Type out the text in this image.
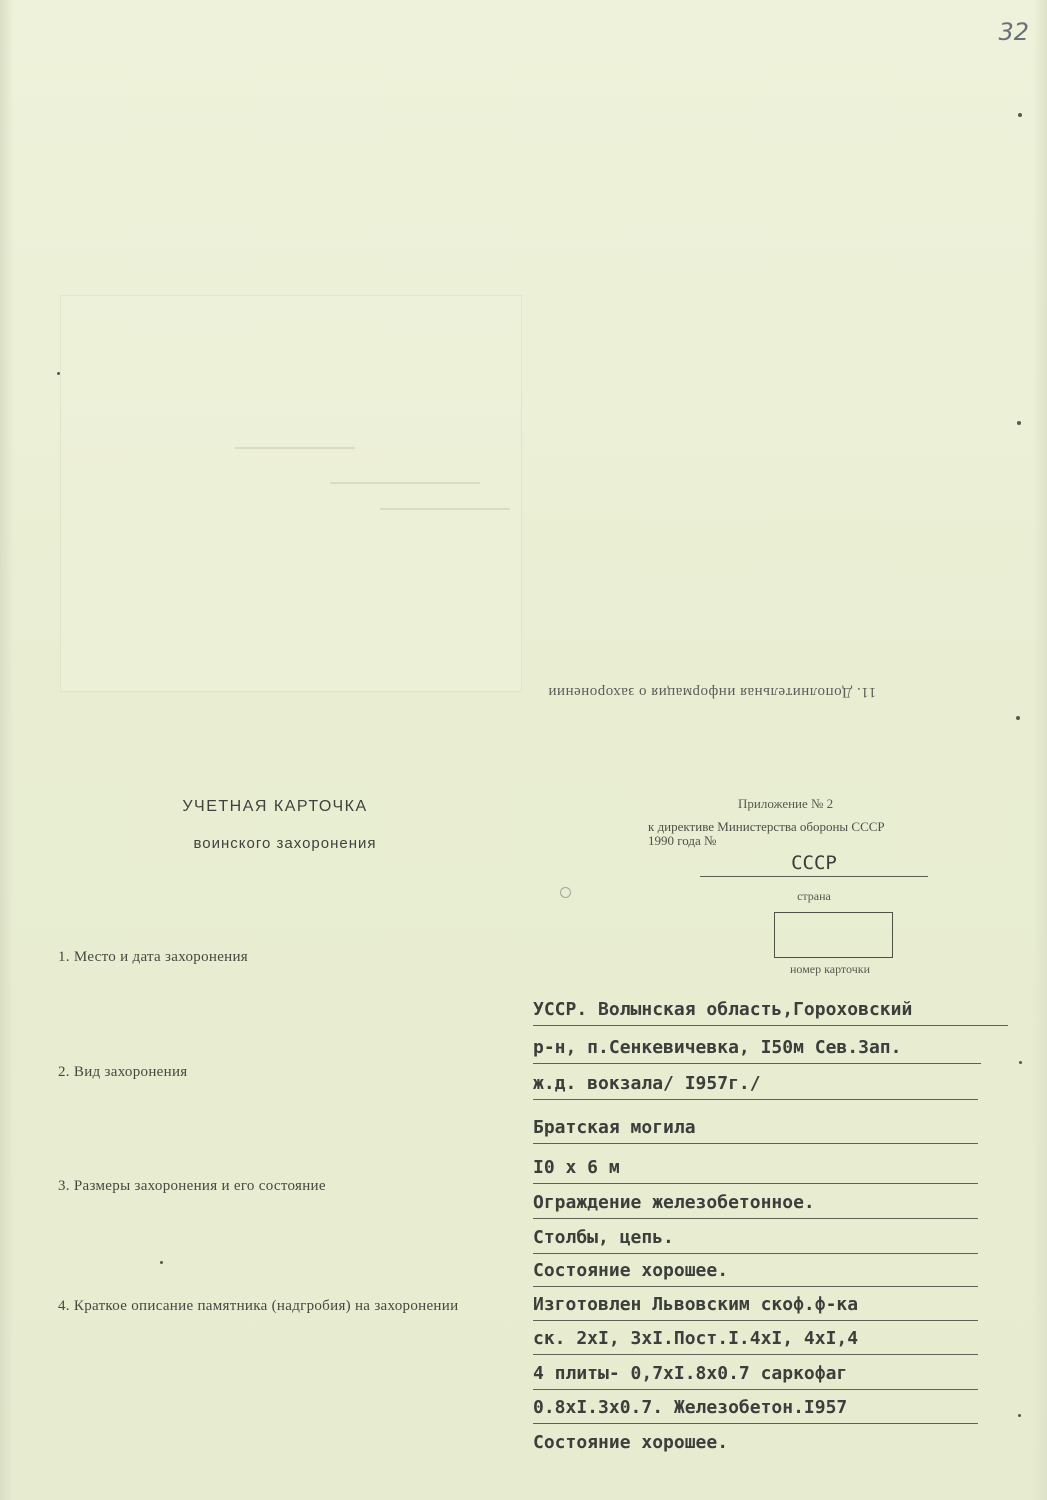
32
11. Дополнительная информация о захоронении
УЧЕТНАЯ КАРТОЧКА
воинского захоронения
Приложение № 2
к директиве Министерства обороны СССР
1990 года №
СССР
страна
номер карточки
1. Место и дата захоронения
УССР. Волынская область,Гороховский
р-н, п.Сенкевичевка, I50м Сев.Зап.
ж.д. вокзала/ I957г./
2. Вид захоронения
Братская могила
3. Размеры захоронения и его состояние
I0 x 6 м
Ограждение железобетонное.
Столбы, цепь.
Состояние хорошее.
4. Краткое описание памятника (надгробия) на захоронении	Изготовлен Львовским скоф.ф-ка
ск. 2xI, 3xI.Пост.I.4xI, 4xI,4
4 плиты- 0,7xI.8x0.7 саркофаг
0.8xI.3x0.7. Железобетон.I957
Состояние хорошее.
